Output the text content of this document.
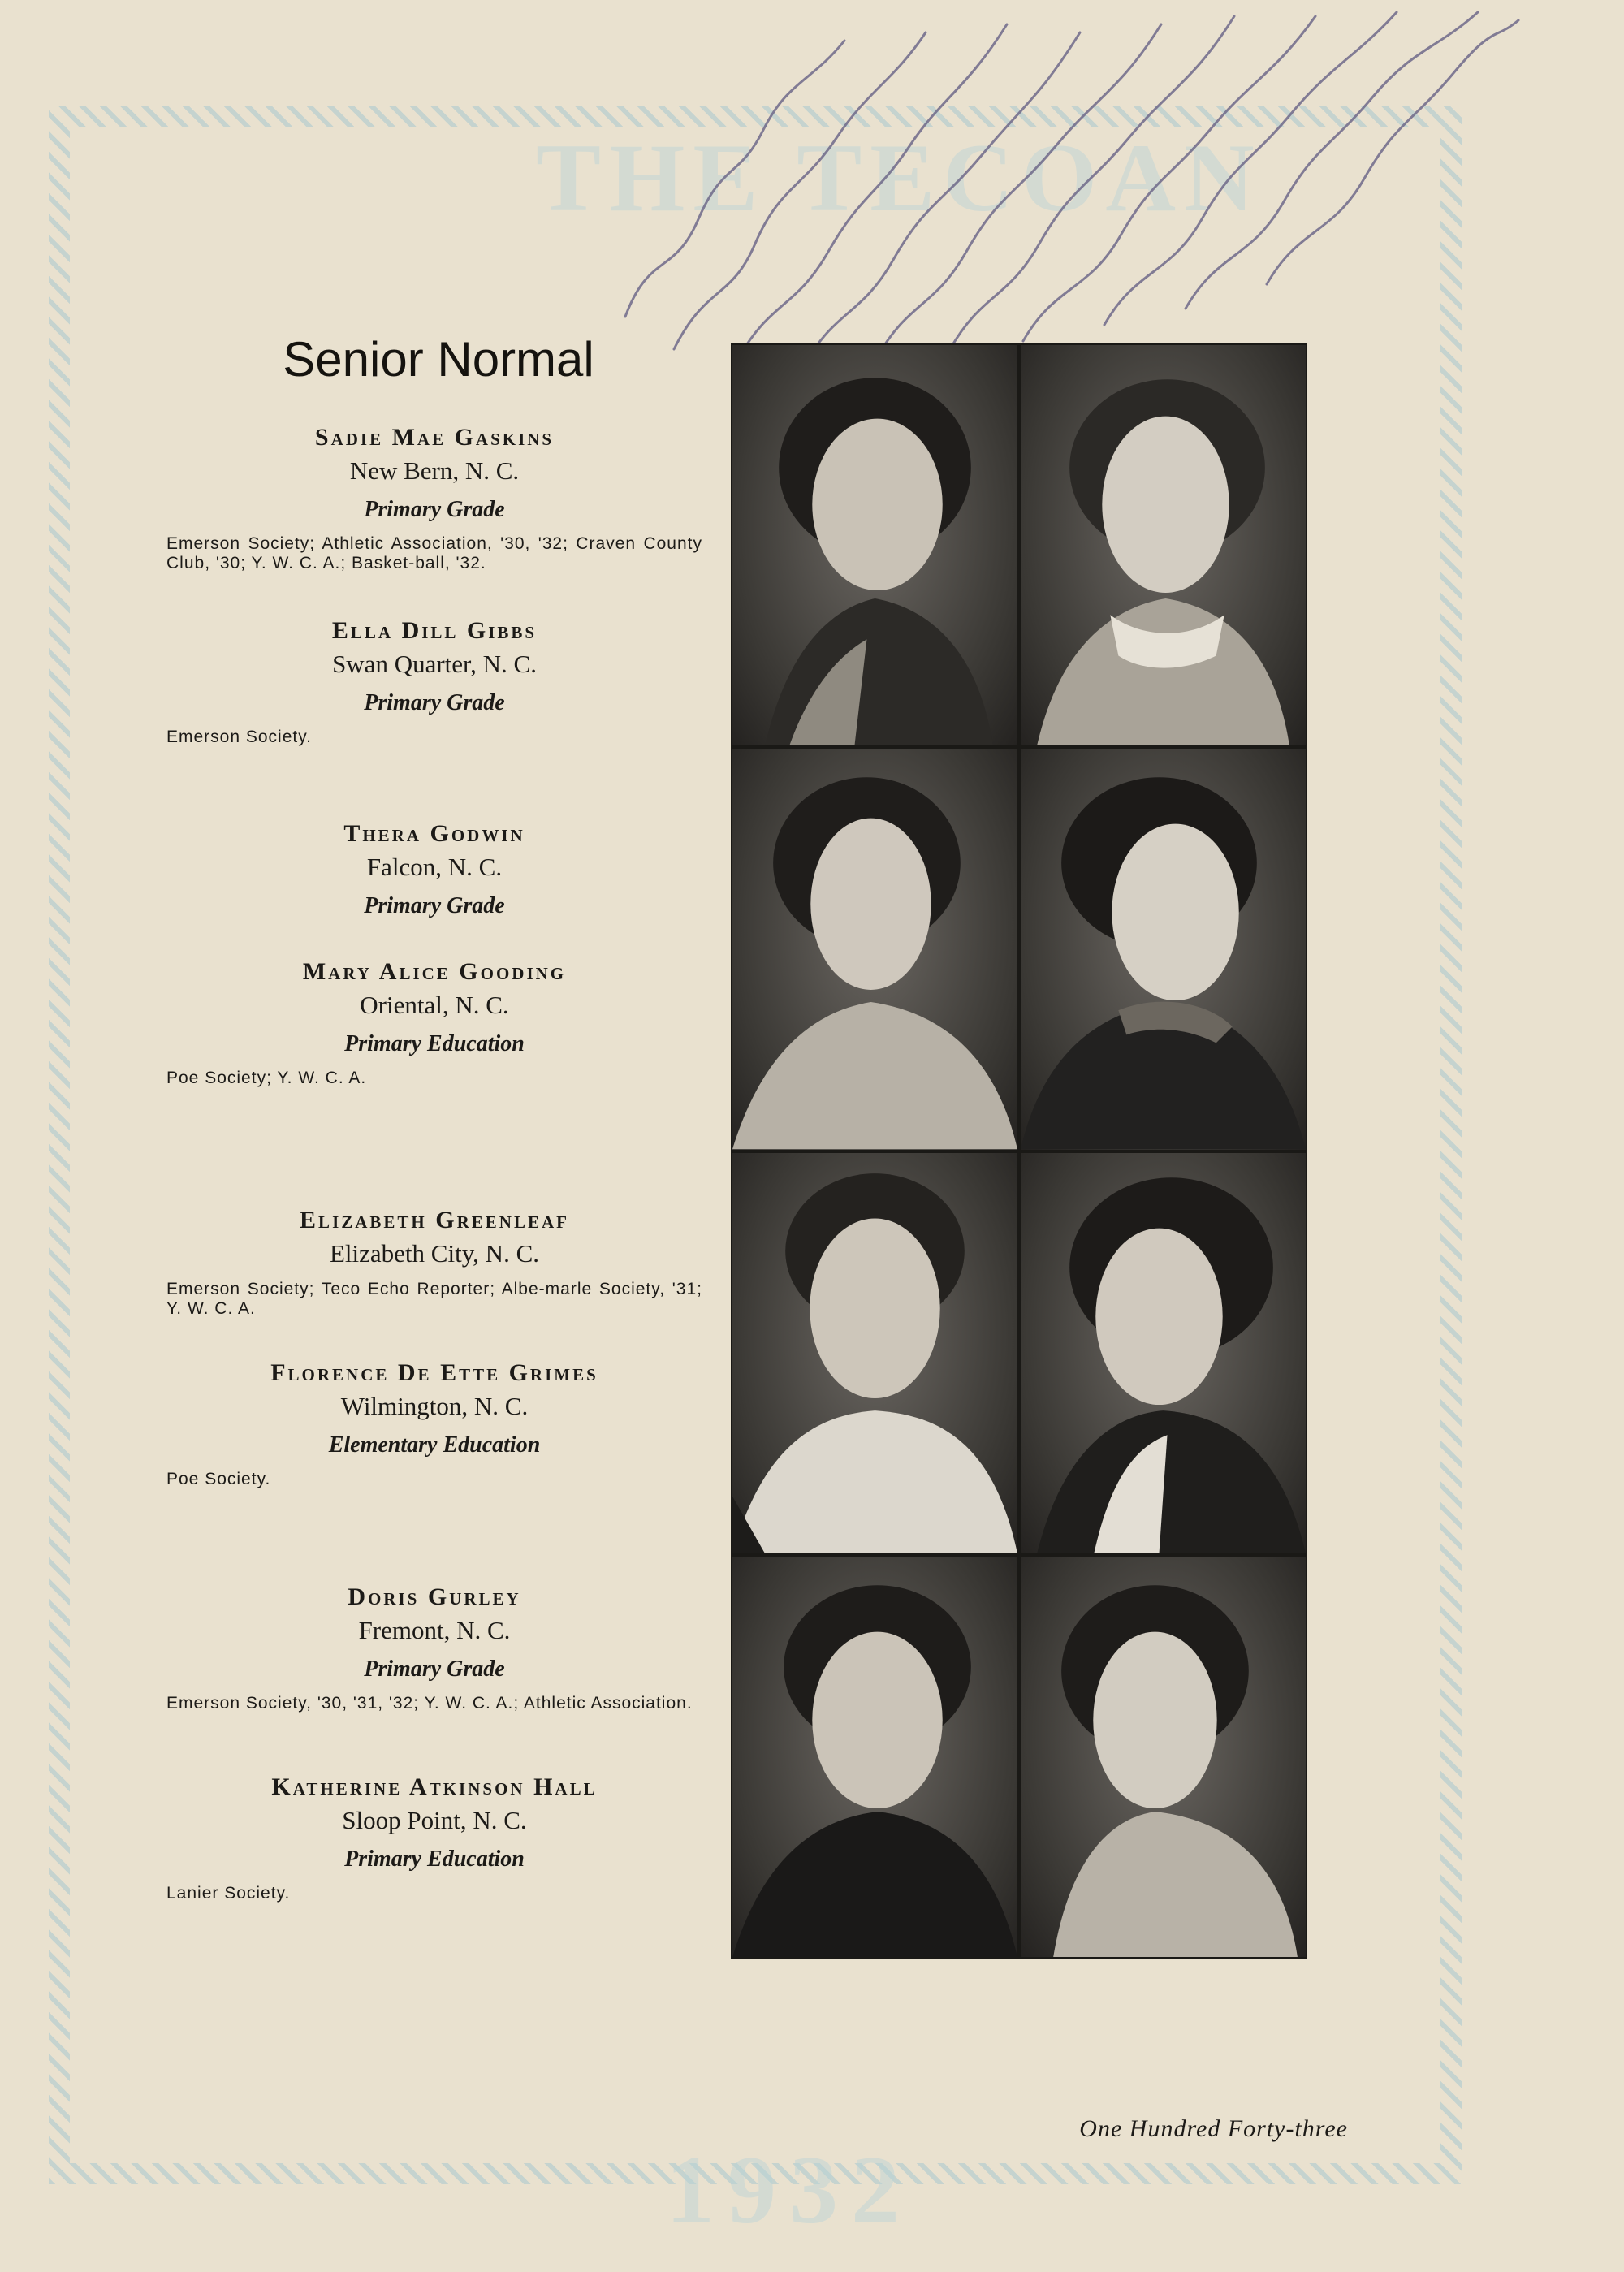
THE TECOAN
1932
Senior Normal

Sadie Mae Gaskins

New Bern, N. C.

Primary Grade

Emerson Society; Athletic Association, '30, '32; Craven County Club, '30; Y. W. C. A.; Basket-ball, '32.

Ella Dill Gibbs

Swan Quarter, N. C.

Primary Grade

Emerson Society.

Thera Godwin

Falcon, N. C.

Primary Grade

Mary Alice Gooding

Oriental, N. C.

Primary Education

Poe Society; Y. W. C. A.

Elizabeth Greenleaf

Elizabeth City, N. C.

Emerson Society; Teco Echo Reporter; Albe-marle Society, '31; Y. W. C. A.

Florence De Ette Grimes

Wilmington, N. C.

Elementary Education

Poe Society.

Doris Gurley

Fremont, N. C.

Primary Grade

Emerson Society, '30, '31, '32; Y. W. C. A.; Athletic Association.

Katherine Atkinson Hall

Sloop Point, N. C.

Primary Education

Lanier Society.

One Hundred Forty-three
